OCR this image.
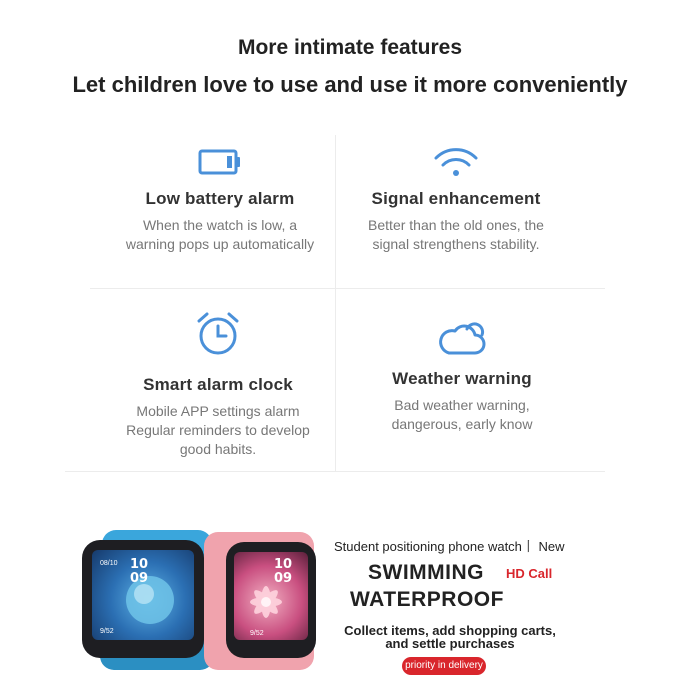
More intimate features
Let children love to use and use it more conveniently
Low battery alarm
When the watch is low, a
warning pops up automatically
Signal enhancement
Better than the old ones, the
signal strengthens stability.
Smart alarm clock
Mobile APP settings alarm
Regular reminders to develop
good habits.
Weather warning
Bad weather warning,
dangerous, early know
10
09
08/10
9/52
10
09
9/52
Student positioning phone watch丨 New
SWIMMING
WATERPROOF
HD Call
Collect items, add shopping carts,
and settle purchases
priority in delivery
